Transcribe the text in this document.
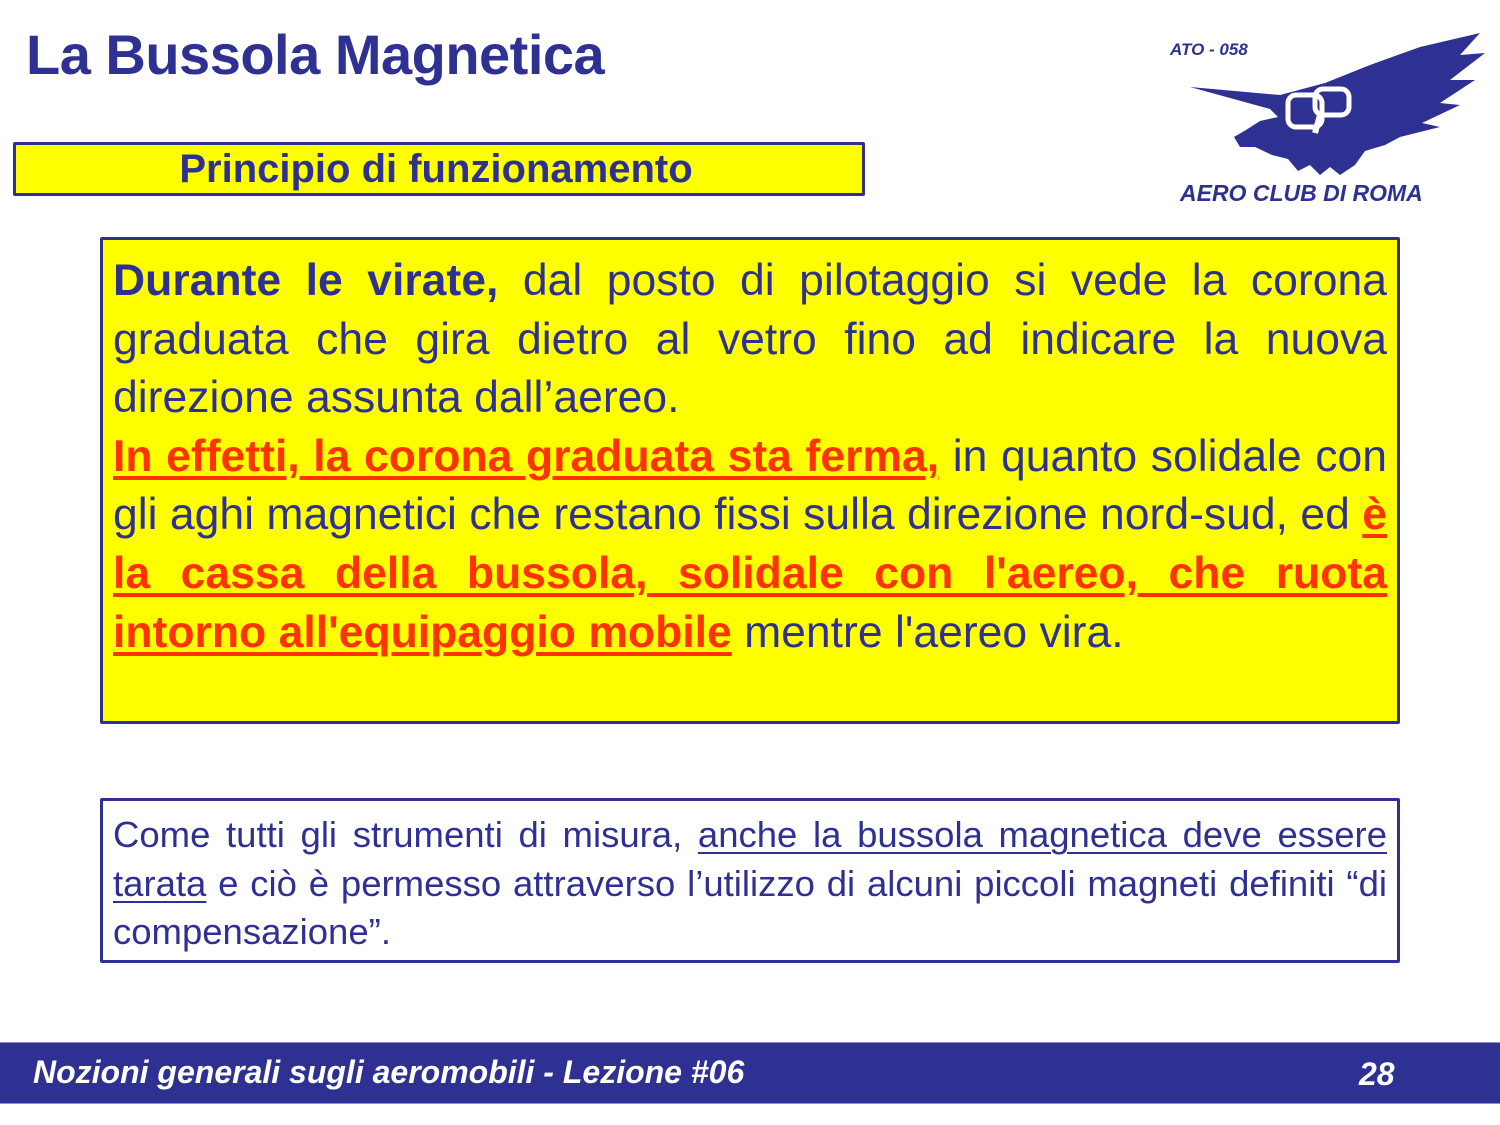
La Bussola Magnetica
Principio di funzionamento
ATO - 058
AERO CLUB DI ROMA

Durante le virate, dal posto di pilotaggio si vede la corona graduata che gira dietro al vetro fino ad indicare la nuova direzione assunta dall’aereo.

In effetti, la corona graduata sta ferma, in quanto solidale con gli aghi magnetici che restano fissi sulla direzione nord-sud, ed è la cassa della bussola, solidale con l'aereo, che ruota intorno all'equipaggio mobile mentre l'aereo vira.

Come tutti gli strumenti di misura, anche la bussola magnetica deve essere tarata e ciò è permesso attraverso l’utilizzo di alcuni piccoli magneti definiti “di compensazione”.

Nozioni generali sugli aeromobili - Lezione #06	28
